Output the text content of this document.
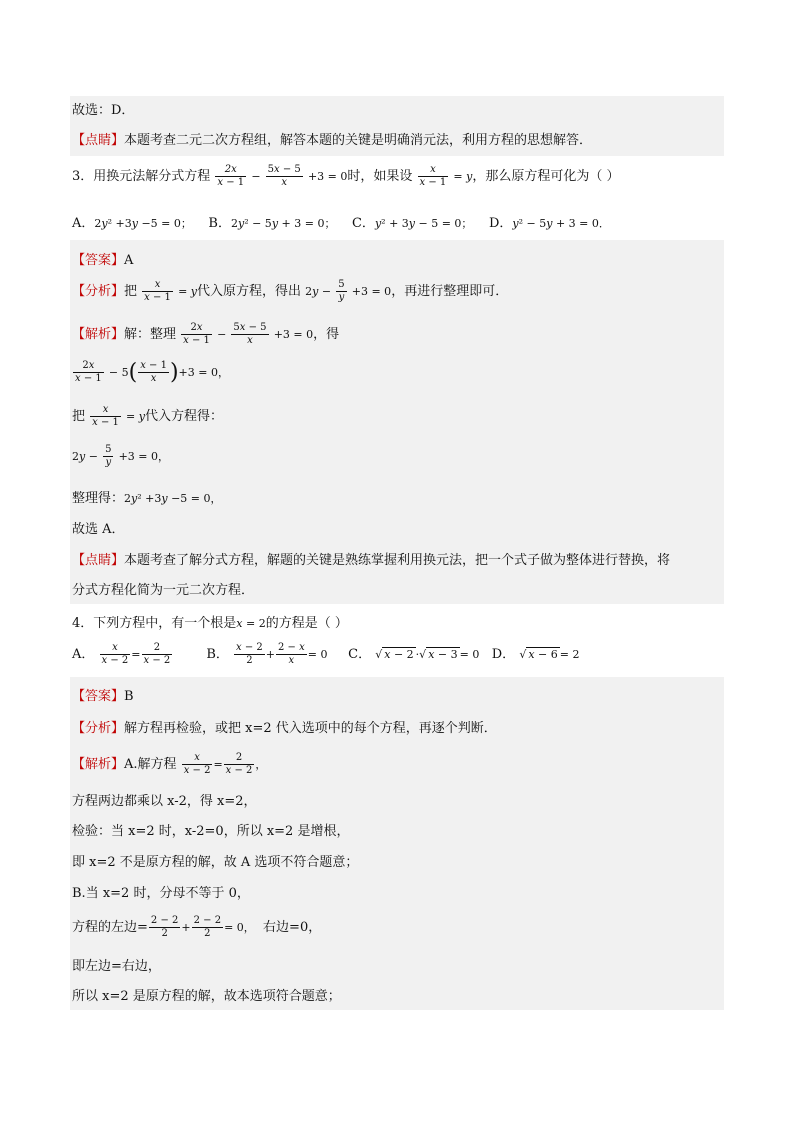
故选：D．
【点睛】本题考查二元二次方程组，解答本题的关键是明确消元法，利用方程的思想解答．
3．用换元法解分式方程 $\frac{2x}{x - 1} - \frac{5x - 5}{x} +3 = 0$时，如果设 $\frac{x}{x - 1} = y$，那么原方程可化为（ ）
A．2y² +3y −5 = 0； B．2y² − 5y + 3 = 0； C．y² + 3y − 5 = 0； D．y² − 5y + 3 = 0．
【答案】A
【分析】把 $\frac{x}{x - 1} = y$代入原方程，得出 $2y - \frac{5}{y} +3 = 0$，再进行整理即可．
【解析】解：整理 $\frac{2x}{x - 1} - \frac{5x - 5}{x} +3 = 0$，得
$\frac{2x}{x - 1} - 5( \frac{x - 1}{x} )+3 = 0$，
把 $\frac{x}{x - 1} = y$代入方程得：
$2y - \frac{5}{y} +3 = 0$，
整理得：2y² +3y −5 = 0，
故选 A．
【点睛】本题考查了解分式方程，解题的关键是熟练掌握利用换元法，把一个式子做为整体进行替换，将
分式方程化简为一元二次方程．
4．下列方程中，有一个根是x = 2的方程是（ ）
A． $\frac{x}{x - 2} = \frac{2}{x - 2}$	B． $\frac{x - 2}{2} + \frac{2 - x}{x} = 0$ C． √ x − 2 ·√ x − 3 = 0 D． √ x − 6 = 2
【答案】B
【分析】解方程再检验，或把 x=2 代入选项中的每个方程，再逐个判断．
【解析】A.解方程 $\frac{x}{x - 2} = \frac{2}{x - 2}$ ，
方程两边都乘以 x-2，得 x=2，
检验：当 x=2 时，x-2=0，所以 x=2 是增根，
即 x=2 不是原方程的解，故 A 选项不符合题意；
B.当 x=2 时，分母不等于 0，
方程的左边= $\frac{2 - 2}{2} + \frac{2 - 2}{2} = 0$， 右边=0，
即左边=右边，
所以 x=2 是原方程的解，故本选项符合题意；
